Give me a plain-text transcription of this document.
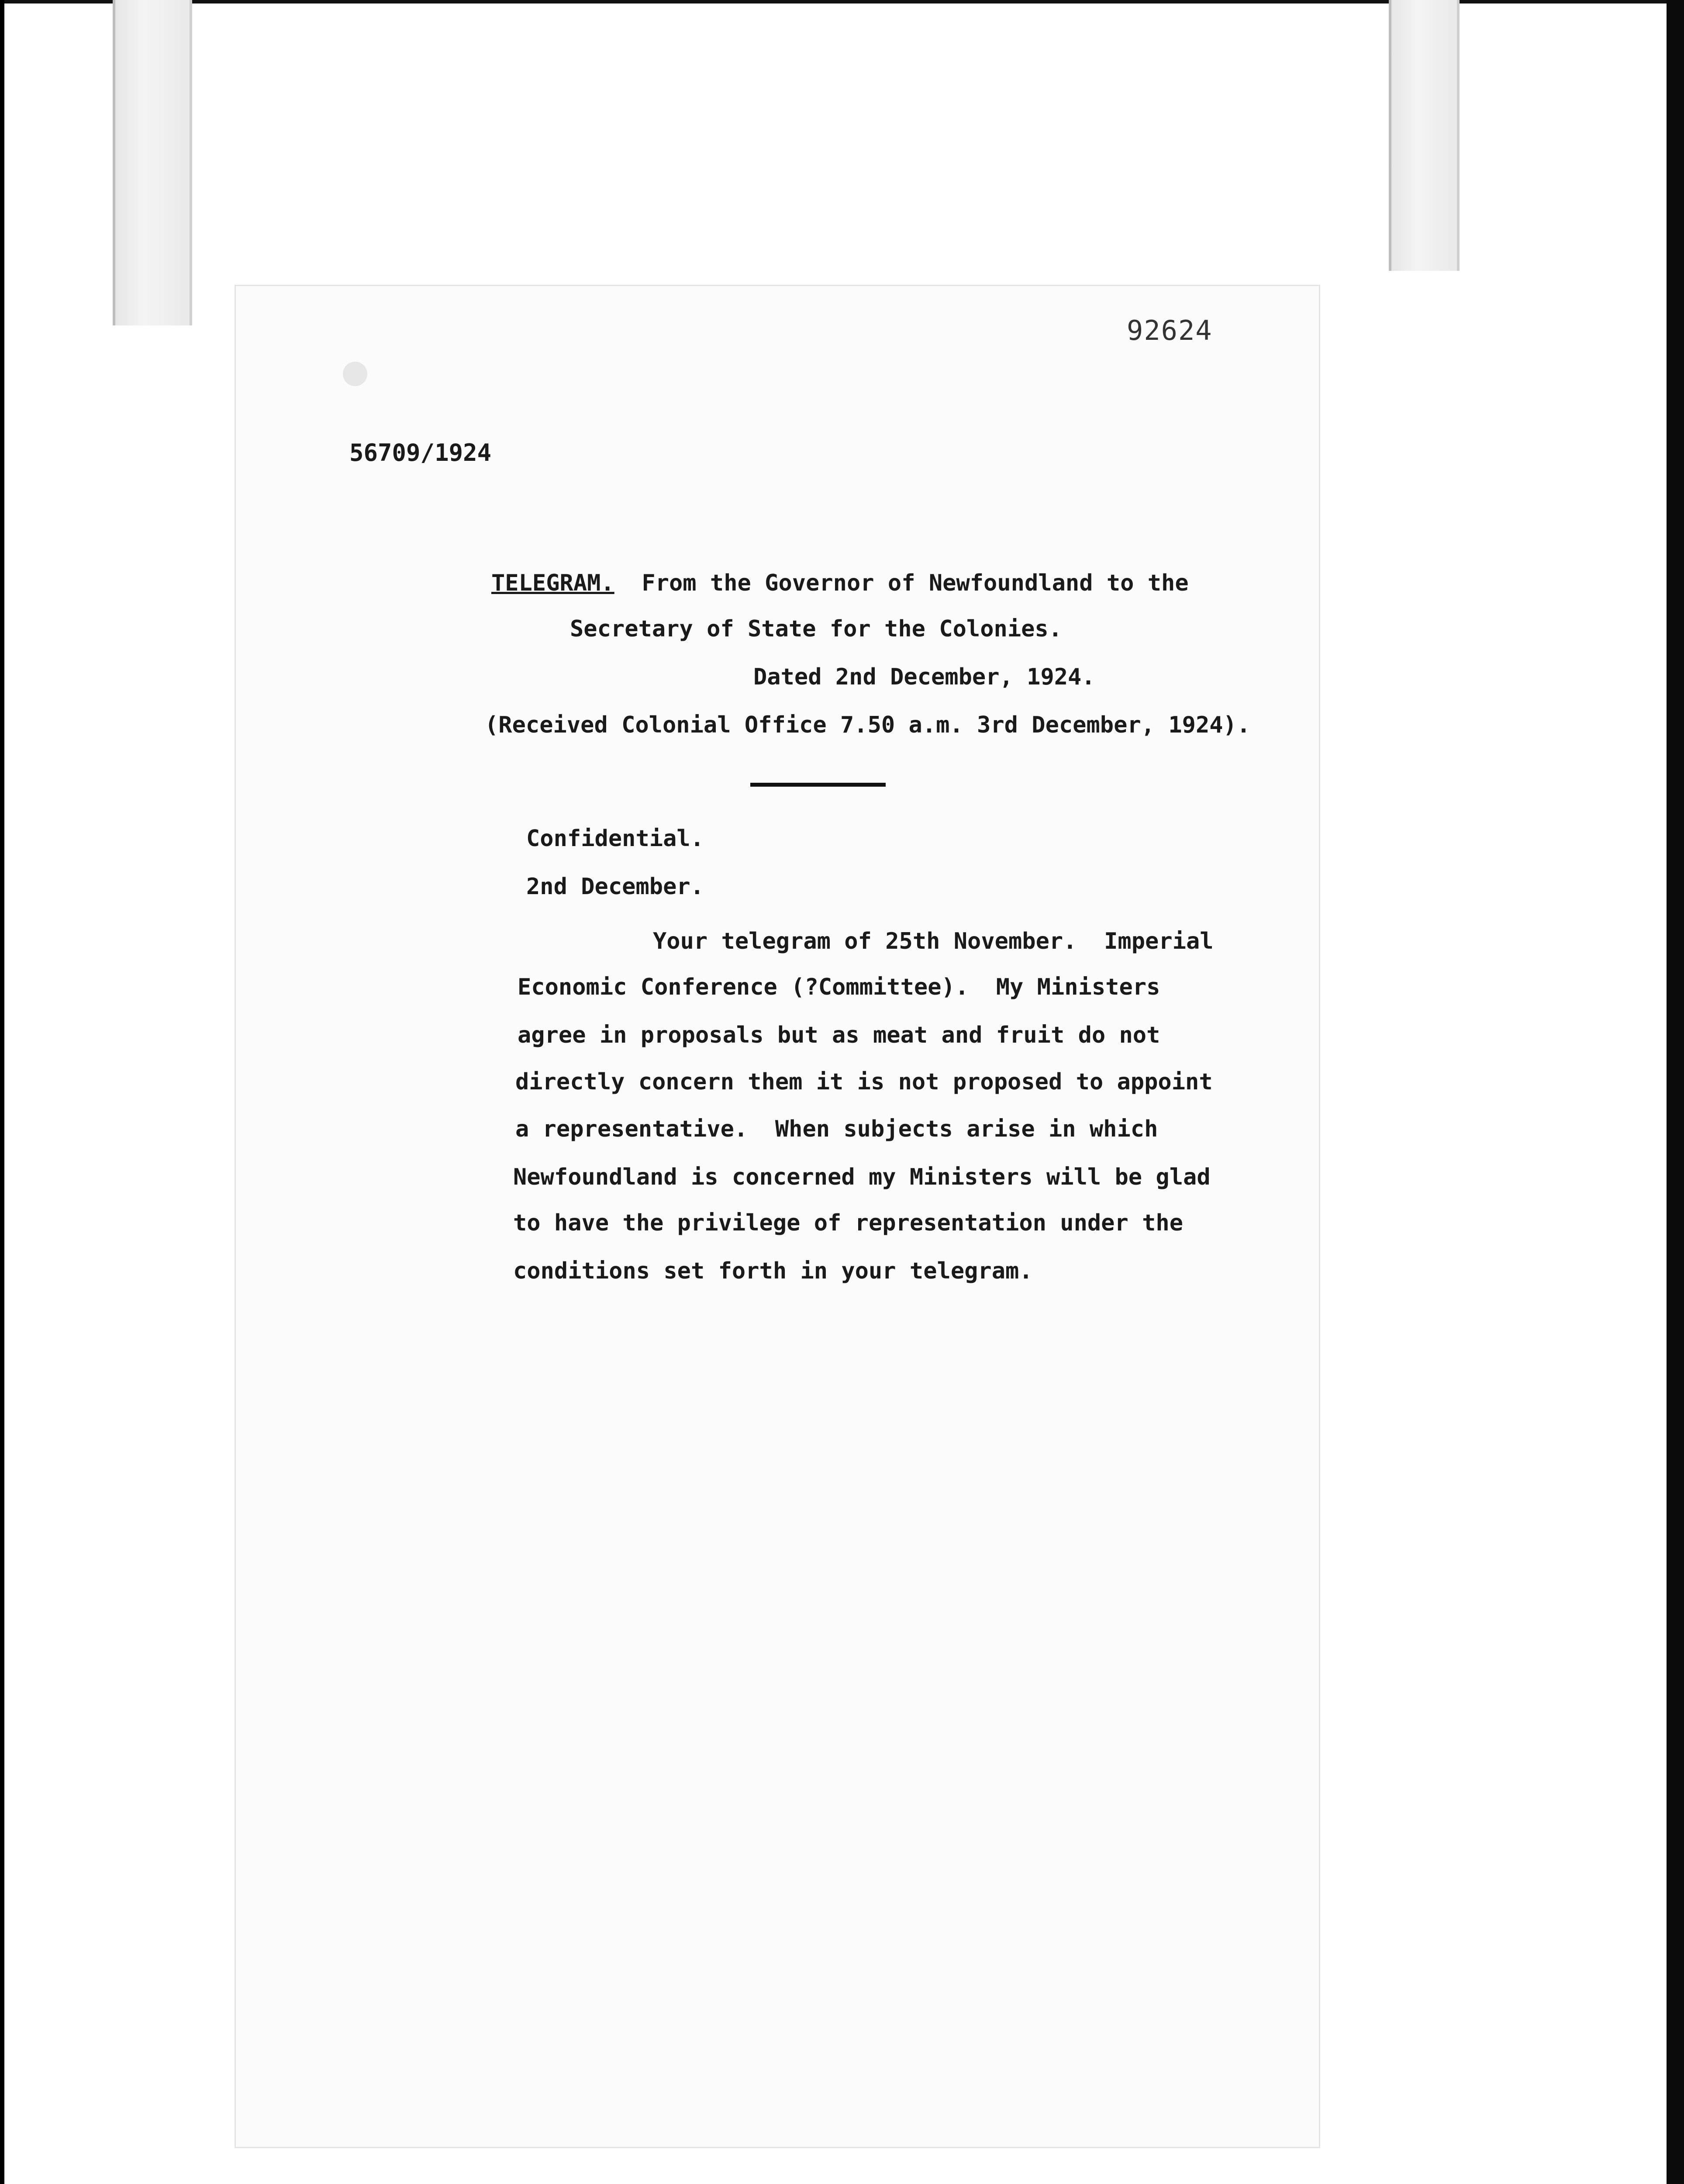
92624
56709/1924
TELEGRAM. From the Governor of Newfoundland to the
Secretary of State for the Colonies.
Dated 2nd December, 1924.
(Received Colonial Office 7.50 a.m. 3rd December, 1924).
Confidential.
2nd December.
Your telegram of 25th November.  Imperial
Economic Conference (?Committee).  My Ministers
agree in proposals but as meat and fruit do not
directly concern them it is not proposed to appoint
a representative.  When subjects arise in which
Newfoundland is concerned my Ministers will be glad
to have the privilege of representation under the
conditions set forth in your telegram.
